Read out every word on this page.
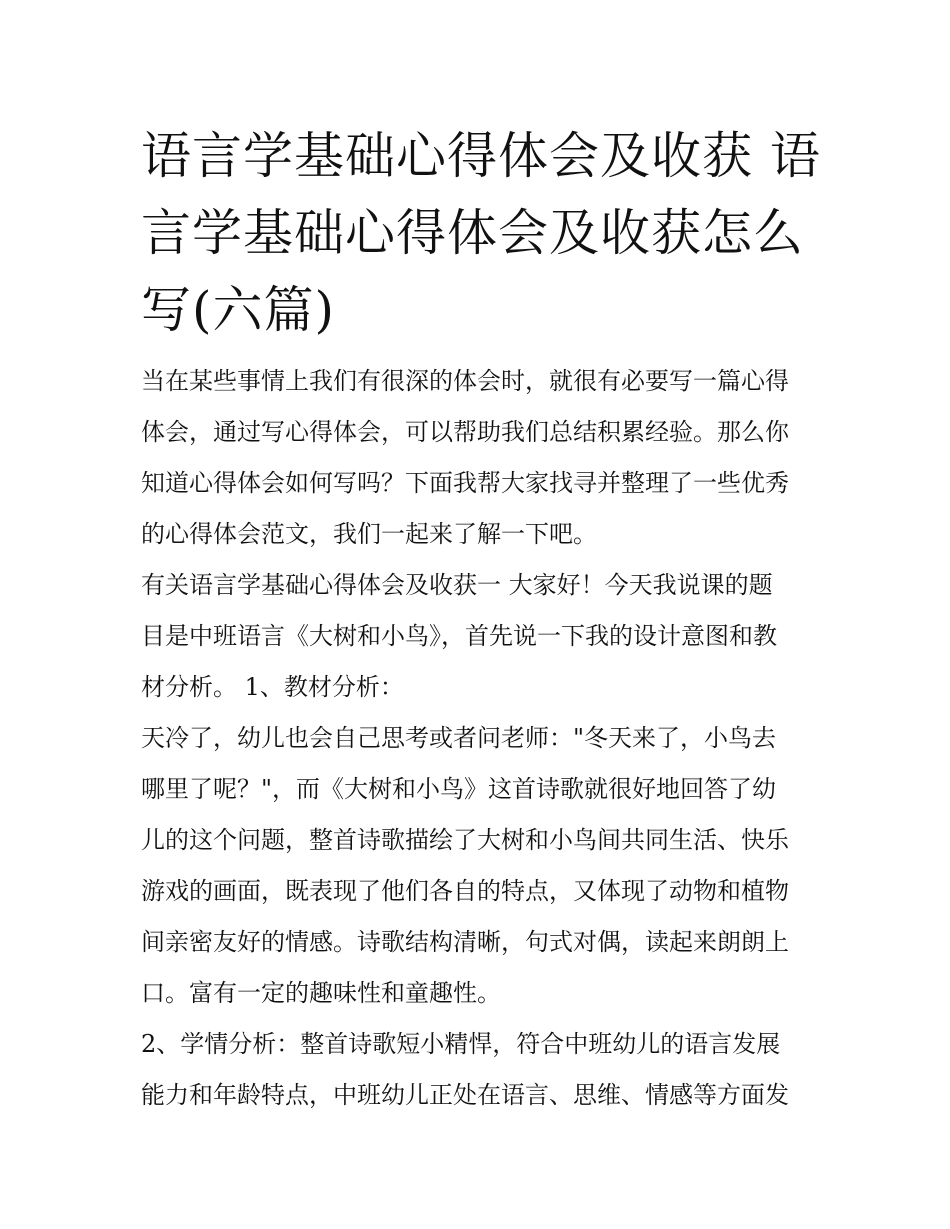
语言学基础心得体会及收获 语
言学基础心得体会及收获怎么
写(六篇)

当在某些事情上我们有很深的体会时，就很有必要写一篇心得
体会，通过写心得体会，可以帮助我们总结积累经验。那么你
知道心得体会如何写吗？下面我帮大家找寻并整理了一些优秀
的心得体会范文，我们一起来了解一下吧。

有关语言学基础心得体会及收获一 大家好！今天我说课的题
目是中班语言《大树和小鸟》，首先说一下我的设计意图和教
材分析。 1、教材分析：

天冷了，幼儿也会自己思考或者问老师："冬天来了，小鸟去
哪里了呢？"，而《大树和小鸟》这首诗歌就很好地回答了幼
儿的这个问题，整首诗歌描绘了大树和小鸟间共同生活、快乐
游戏的画面，既表现了他们各自的特点，又体现了动物和植物
间亲密友好的情感。诗歌结构清晰，句式对偶，读起来朗朗上
口。富有一定的趣味性和童趣性。

2、学情分析：整首诗歌短小精悍，符合中班幼儿的语言发展
能力和年龄特点，中班幼儿正处在语言、思维、情感等方面发
